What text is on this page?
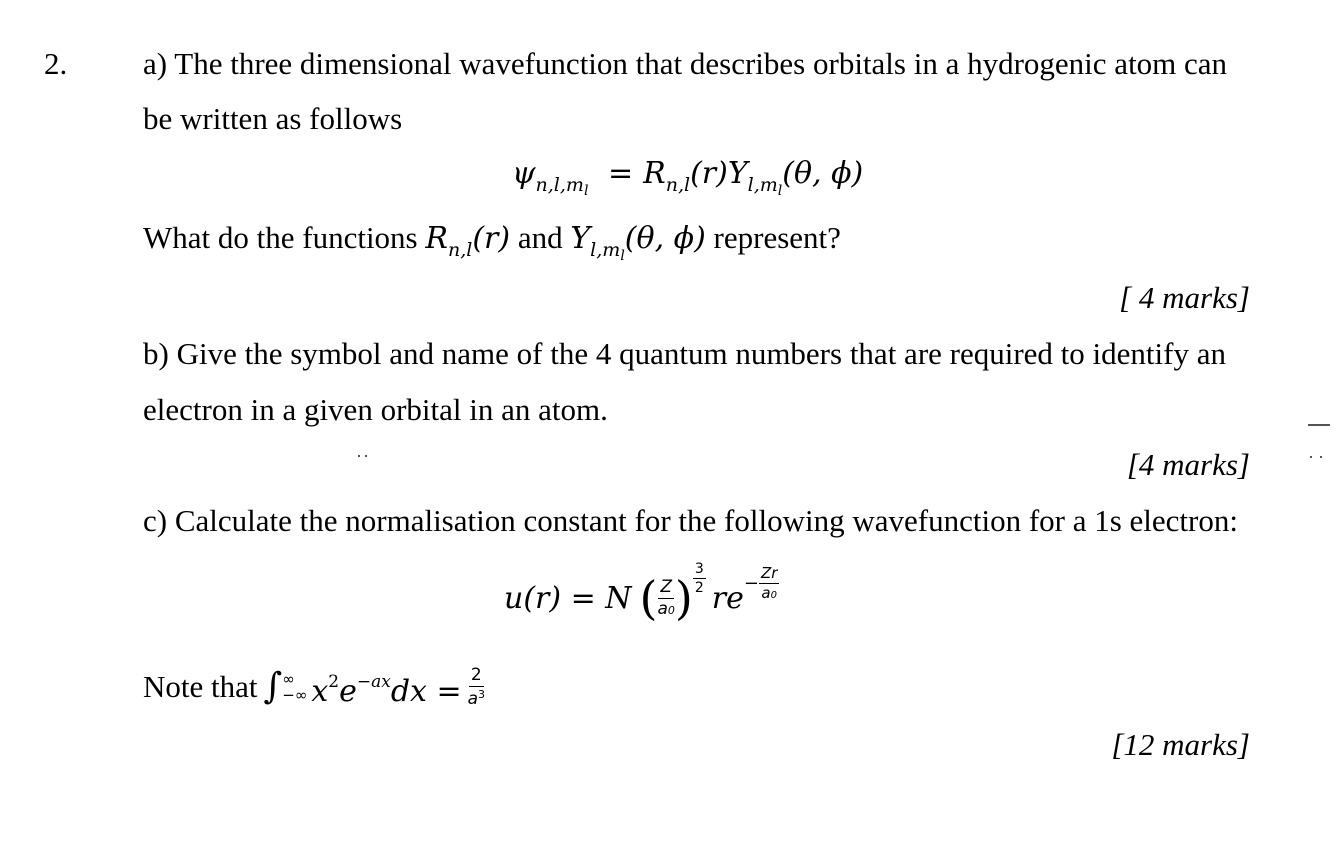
2. a) The three dimensional wavefunction that describes orbitals in a hydrogenic atom can
be written as follows
$\psi_{n,l,m_l} = R_{n,l}(r)Y_{l,m_l}(\theta$, ϕ)
What do the functions $R_{n,l}(r)$ and $Y_{l,m_l}(\theta$, ϕ) represent?
[ 4 marks]
b) Give the symbol and name of the 4 quantum numbers that are required to identify an
electron in a given orbital in an atom.
[4 marks]
c) Calculate the normalisation constant for the following wavefunction for a 1s electron:
u(r) = N ( $\frac{Z}{a0}$ ) $\frac{3}{2}$
re − $\frac{Zr}{a0}$
Note that ∫ ∞
−∞ $x^2e^{-ax}dx = \frac{2}{a^3}$
[12 marks]
